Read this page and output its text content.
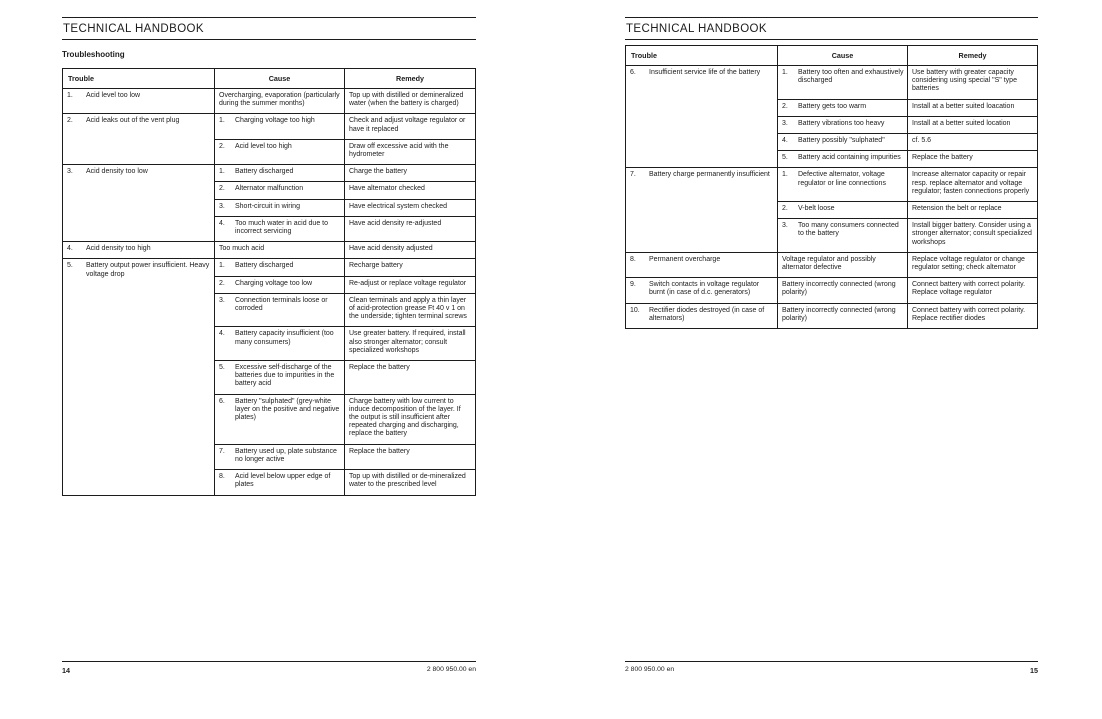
TECHNICAL HANDBOOK
Troubleshooting
Trouble	Cause	Remedy

1. Acid level too low	Overcharging, evaporation (particularly during the summer months)	Top up with distilled or demineralized water (when the battery is charged)

2. Acid leaks out of the vent plug	1. Charging voltage too high	Check and adjust voltage regulator or have it replaced

	2. Acid level too high	Draw off excessive acid with the hydrometer

3. Acid density too low	1. Battery discharged	Charge the battery

	2. Alternator malfunction	Have alternator checked

	3. Short-circuit in wiring	Have electrical system checked

	4. Too much water in acid due to incorrect servicing	Have acid density re-adjusted

4. Acid density too high	Too much acid	Have acid density adjusted

5. Battery output power insufficient. Heavy voltage drop	1. Battery discharged	Recharge battery

	2. Charging voltage too low	Re-adjust or replace voltage regulator

	3. Connection terminals loose or corroded	Clean terminals and apply a thin layer of acid-protection grease Ft 40 v 1 on the underside; tighten terminal screws

	4. Battery capacity insufficient (too many consumers)	Use greater battery. If required, install also stronger alternator; consult specialized workshops

	5. Excessive self-discharge of the batteries due to impurities in the battery acid	Replace the battery

	6. Battery "sulphated" (grey-white layer on the positive and negative plates)	Charge battery with low current to induce decomposition of the layer. If the output is still insufficient after repeated charging and discharging, replace the battery

	7. Battery used up, plate substance no longer active	Replace the battery

	8. Acid level below upper edge of plates	Top up with distilled or de-mineralized water to the prescribed level
14	2 800 950.00 en
TECHNICAL HANDBOOK
Trouble	Cause	Remedy

6. Insufficient service life of the battery	1. Battery too often and exhaustively discharged	Use battery with greater capacity considering using special "S" type batteries

	2. Battery gets too warm	Install at a better suited loacation

	3. Battery vibrations too heavy	Install at a better suited location

	4. Battery possibly "sulphated"	cf. 5.6

	5. Battery acid containing impurities	Replace the battery

7. Battery charge permanently insufficient	1. Defective alternator, voltage regulator or line connections	Increase alternator capacity or repair resp. replace alternator and voltage regulator; fasten connections properly

	2. V-belt loose	Retension the belt or replace

	3. Too many consumers connected to the battery	Install bigger battery. Consider using a stronger alternator; consult specialized workshops

8. Permanent overcharge	Voltage regulator and possibly alternator defective	Replace voltage regulator or change regulator setting; check alternator

9. Switch contacts in voltage regulator burnt (in case of d.c. generators)	Battery incorrectly connected (wrong polarity)	Connect battery with correct polarity. Replace voltage regulator

10. Rectifier diodes destroyed (in case of alternators)	Battery incorrectly connected (wrong polarity)	Connect battery with correct polarity. Replace rectifier diodes
2 800 950.00 en	15
